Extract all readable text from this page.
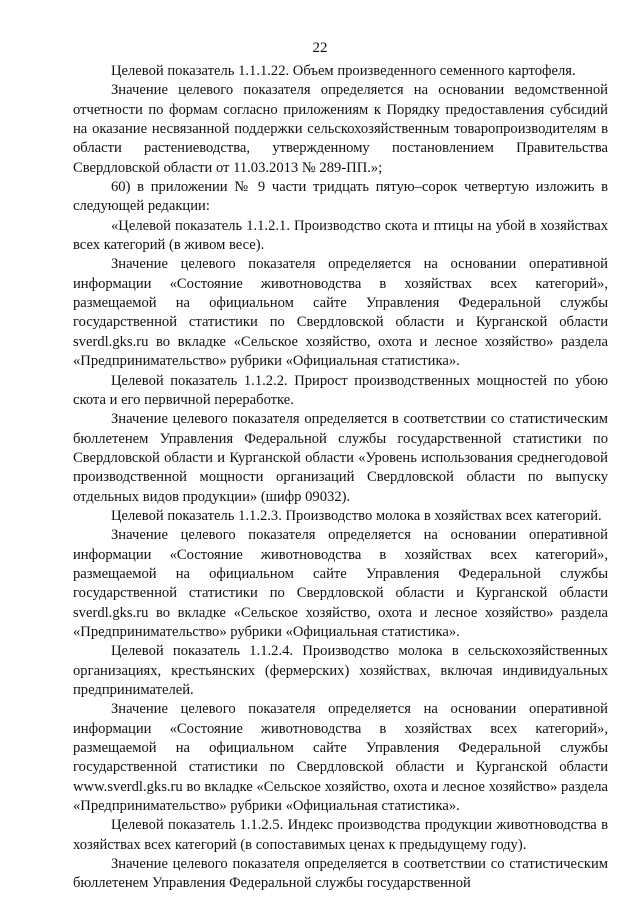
22

Целевой показатель 1.1.1.22. Объем произведенного семенного картофеля.

Значение целевого показателя определяется на основании ведомственной отчетности по формам согласно приложениям к Порядку предоставления субсидий на оказание несвязанной поддержки сельскохозяйственным товаропроизводителям в области растениеводства, утвержденному постановлением Правительства Свердловской области от 11.03.2013 № 289-ПП.»;

60) в приложении № 9 части тридцать пятую–сорок четвертую изложить в следующей редакции:

«Целевой показатель 1.1.2.1. Производство скота и птицы на убой в хозяйствах всех категорий (в живом весе).

Значение целевого показателя определяется на основании оперативной информации «Состояние животноводства в хозяйствах всех категорий», размещаемой на официальном сайте Управления Федеральной службы государственной статистики по Свердловской области и Курганской области sverdl.gks.ru во вкладке «Сельское хозяйство, охота и лесное хозяйство» раздела «Предпринимательство» рубрики «Официальная статистика».

Целевой показатель 1.1.2.2. Прирост производственных мощностей по убою скота и его первичной переработке.

Значение целевого показателя определяется в соответствии со статистическим бюллетенем Управления Федеральной службы государственной статистики по Свердловской области и Курганской области «Уровень использования среднегодовой производственной мощности организаций Свердловской области по выпуску отдельных видов продукции» (шифр 09032).

Целевой показатель 1.1.2.3. Производство молока в хозяйствах всех категорий.

Значение целевого показателя определяется на основании оперативной информации «Состояние животноводства в хозяйствах всех категорий», размещаемой на официальном сайте Управления Федеральной службы государственной статистики по Свердловской области и Курганской области sverdl.gks.ru во вкладке «Сельское хозяйство, охота и лесное хозяйство» раздела «Предпринимательство» рубрики «Официальная статистика».

Целевой показатель 1.1.2.4. Производство молока в сельскохозяйственных организациях, крестьянских (фермерских) хозяйствах, включая индивидуальных предпринимателей.

Значение целевого показателя определяется на основании оперативной информации «Состояние животноводства в хозяйствах всех категорий», размещаемой на официальном сайте Управления Федеральной службы государственной статистики по Свердловской области и Курганской области www.sverdl.gks.ru во вкладке «Сельское хозяйство, охота и лесное хозяйство» раздела «Предпринимательство» рубрики «Официальная статистика».

Целевой показатель 1.1.2.5. Индекс производства продукции животноводства в хозяйствах всех категорий (в сопоставимых ценах к предыдущему году).

Значение целевого показателя определяется в соответствии со статистическим бюллетенем Управления Федеральной службы государственной
